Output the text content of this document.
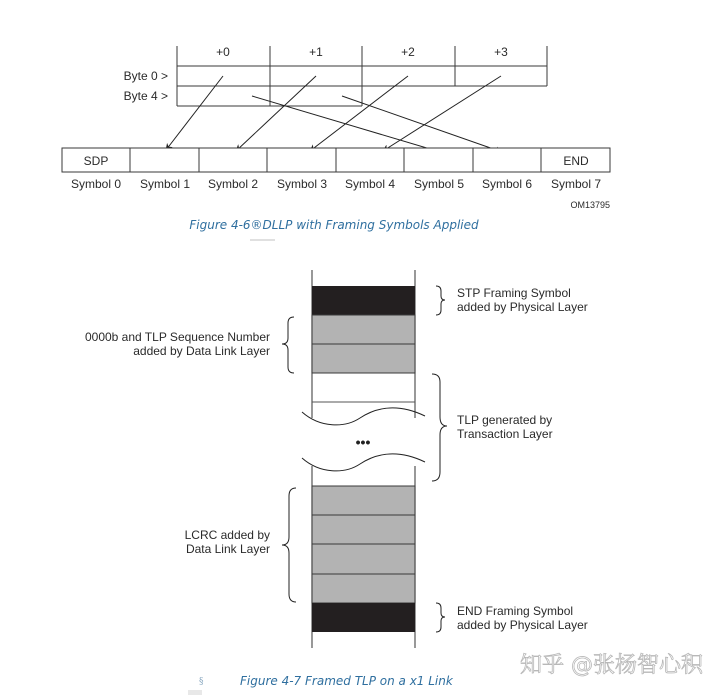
+0	+1	+2	+3
Byte 0 >
Byte 4 >
SDP	END
Symbol 0 Symbol 1 Symbol 2 Symbol 3 Symbol 4 Symbol 5 Symbol 6 Symbol 7
OM13795
Figure 4-6®DLLP with Framing Symbols Applied
•••
STP Framing Symbol
added by Physical Layer
0000b and TLP Sequence Number
added by Data Link Layer
TLP generated by
Transaction Layer
LCRC added by
Data Link Layer
END Framing Symbol
added by Physical Layer
§	Figure 4-7 Framed TLP on a x1 Link
知乎 @张杨智心积
